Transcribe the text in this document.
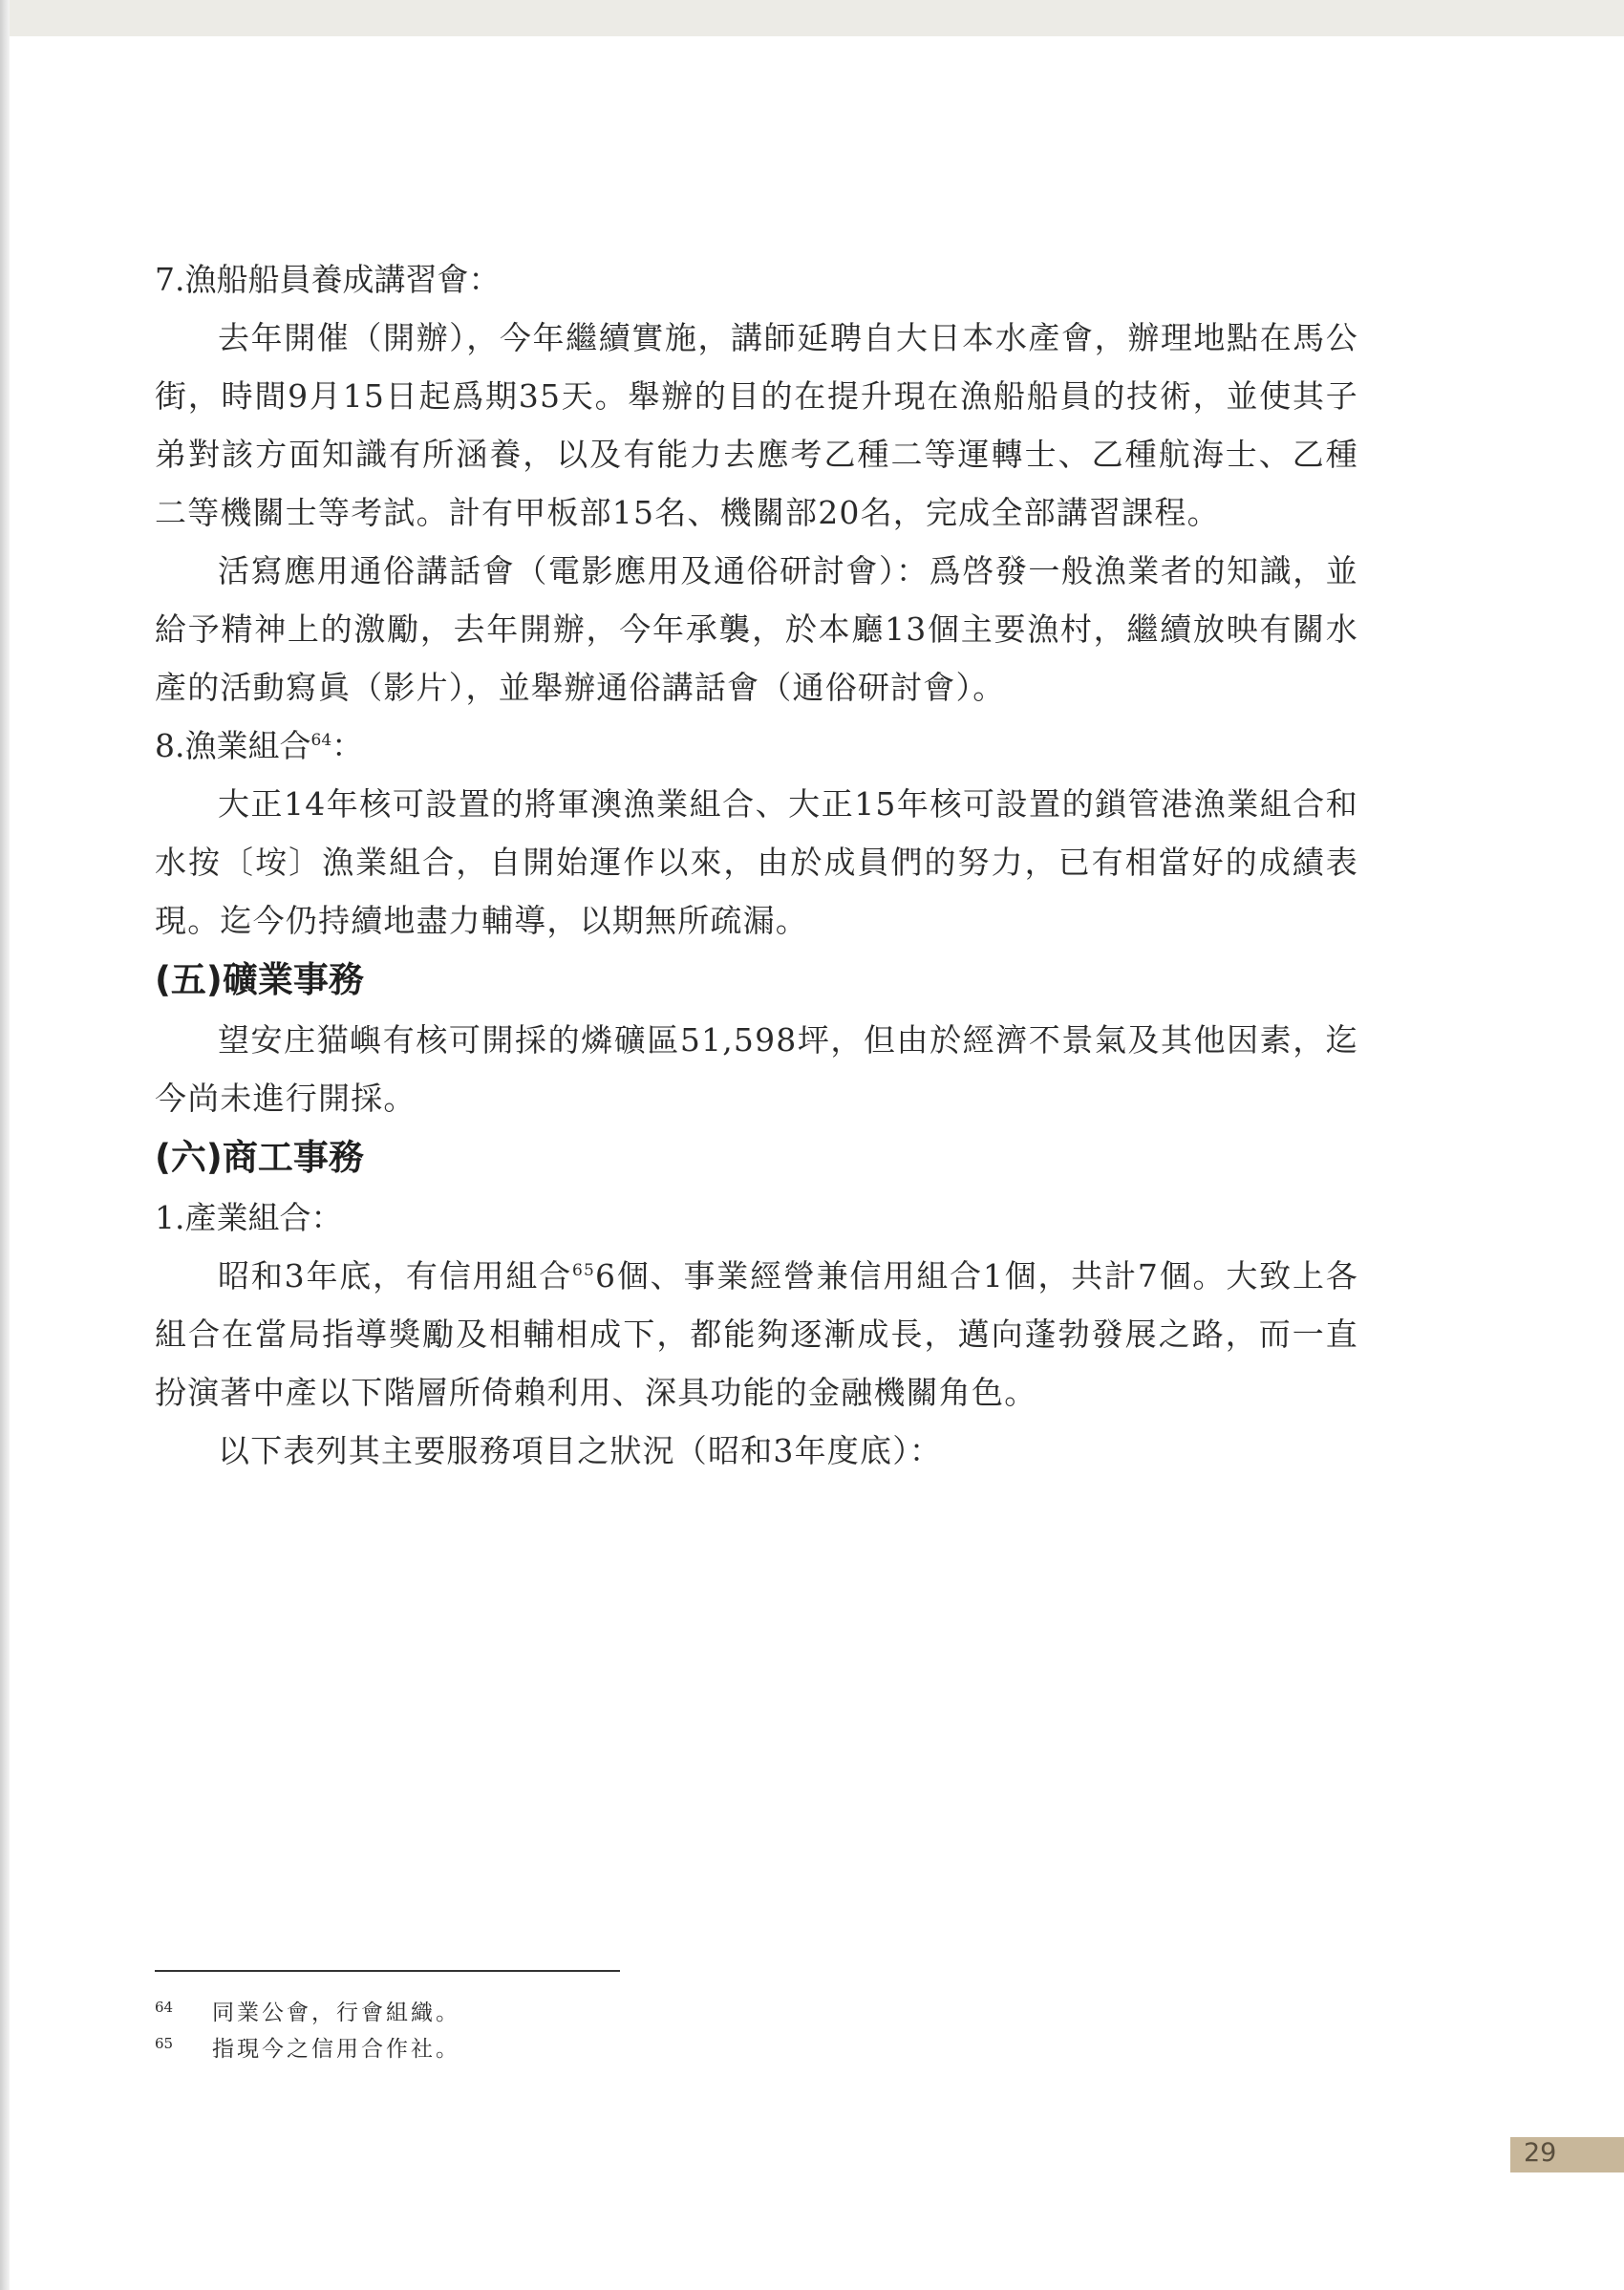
7.漁船船員養成講習會：

去年開催（開辦），今年繼續實施，講師延聘自大日本水產會，辦理地點在馬公街，時間9月15日起爲期35天。舉辦的目的在提升現在漁船船員的技術，並使其子弟對該方面知識有所涵養，以及有能力去應考乙種二等運轉士、乙種航海士、乙種二等機關士等考試。計有甲板部15名、機關部20名，完成全部講習課程。

活寫應用通俗講話會（電影應用及通俗研討會）：爲啓發一般漁業者的知識，並給予精神上的激勵，去年開辦，今年承襲，於本廳13個主要漁村，繼續放映有關水產的活動寫眞（影片），並舉辦通俗講話會（通俗研討會）。

8.漁業組合$^{64}$：

大正14年核可設置的將軍澳漁業組合、大正15年核可設置的鎖管港漁業組合和水按〔垵〕漁業組合，自開始運作以來，由於成員們的努力，已有相當好的成績表現。迄今仍持續地盡力輔導，以期無所疏漏。

(五)礦業事務

望安庄猫嶼有核可開採的燐礦區51,598坪，但由於經濟不景氣及其他因素，迄今尚未進行開採。

(六)商工事務

1.產業組合：

昭和3年底，有信用組合$^{65}$6個、事業經營兼信用組合1個，共計7個。大致上各組合在當局指導獎勵及相輔相成下，都能夠逐漸成長，邁向蓬勃發展之路，而一直扮演著中產以下階層所倚賴利用、深具功能的金融機關角色。

以下表列其主要服務項目之狀況（昭和3年度底）：

64	同業公會，行會組織。
65	指現今之信用合作社。
29
